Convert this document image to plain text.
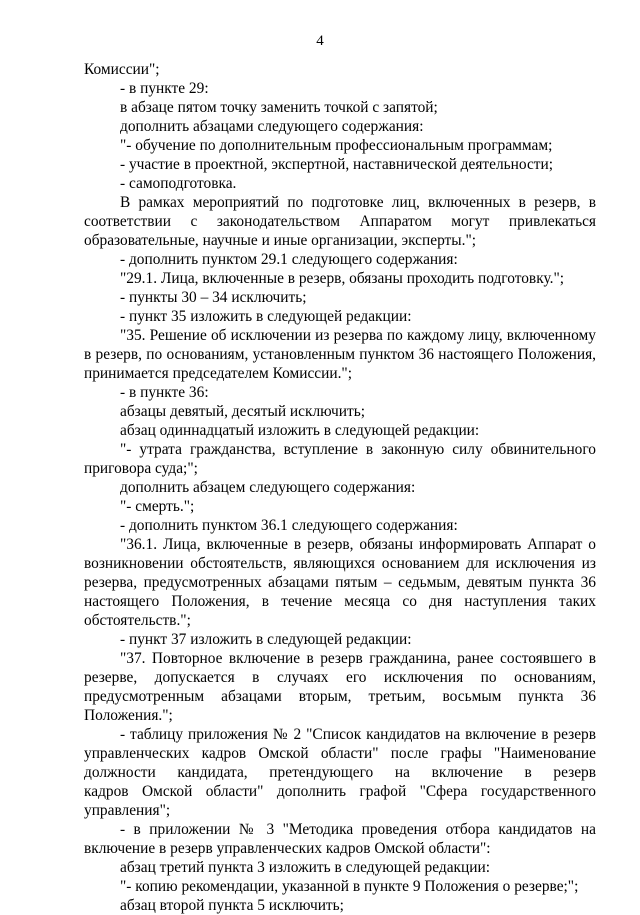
4
Комиссии";
- в пункте 29:
в абзаце пятом точку заменить точкой с запятой;
дополнить абзацами следующего содержания:
"- обучение по дополнительным профессиональным программам;
- участие в проектной, экспертной, наставнической деятельности;
- самоподготовка.
В рамках мероприятий по подготовке лиц, включенных в резерв, в
соответствии с законодательством Аппаратом могут привлекаться
образовательные, научные и иные организации, эксперты.";
- дополнить пунктом 29.1 следующего содержания:
"29.1. Лица, включенные в резерв, обязаны проходить подготовку.";
- пункты 30 – 34 исключить;
- пункт 35 изложить в следующей редакции:
"35. Решение об исключении из резерва по каждому лицу, включенному
в резерв, по основаниям, установленным пунктом 36 настоящего Положения,
принимается председателем Комиссии.";
- в пункте 36:
абзацы девятый, десятый исключить;
абзац одиннадцатый изложить в следующей редакции:
"- утрата гражданства, вступление в законную силу обвинительного
приговора суда;";
дополнить абзацем следующего содержания:
"- смерть.";
- дополнить пунктом 36.1 следующего содержания:
"36.1. Лица, включенные в резерв, обязаны информировать Аппарат о
возникновении обстоятельств, являющихся основанием для исключения из
резерва, предусмотренных абзацами пятым – седьмым, девятым пункта 36
настоящего Положения, в течение месяца со дня наступления таких
обстоятельств.";
- пункт 37 изложить в следующей редакции:
"37. Повторное включение в резерв гражданина, ранее состоявшего в
резерве, допускается в случаях его исключения по основаниям,
предусмотренным абзацами вторым, третьим, восьмым пункта 36
Положения.";
- таблицу приложения № 2 "Список кандидатов на включение в резерв
управленческих кадров Омской области" после графы "Наименование
должности кандидата, претендующего на включение в резерв
кадров Омской области" дополнить графой "Сфера государственного
управления";
- в приложении № 3 "Методика проведения отбора кандидатов на
включение в резерв управленческих кадров Омской области":
абзац третий пункта 3 изложить в следующей редакции:
"- копию рекомендации, указанной в пункте 9 Положения о резерве;";
абзац второй пункта 5 исключить;
